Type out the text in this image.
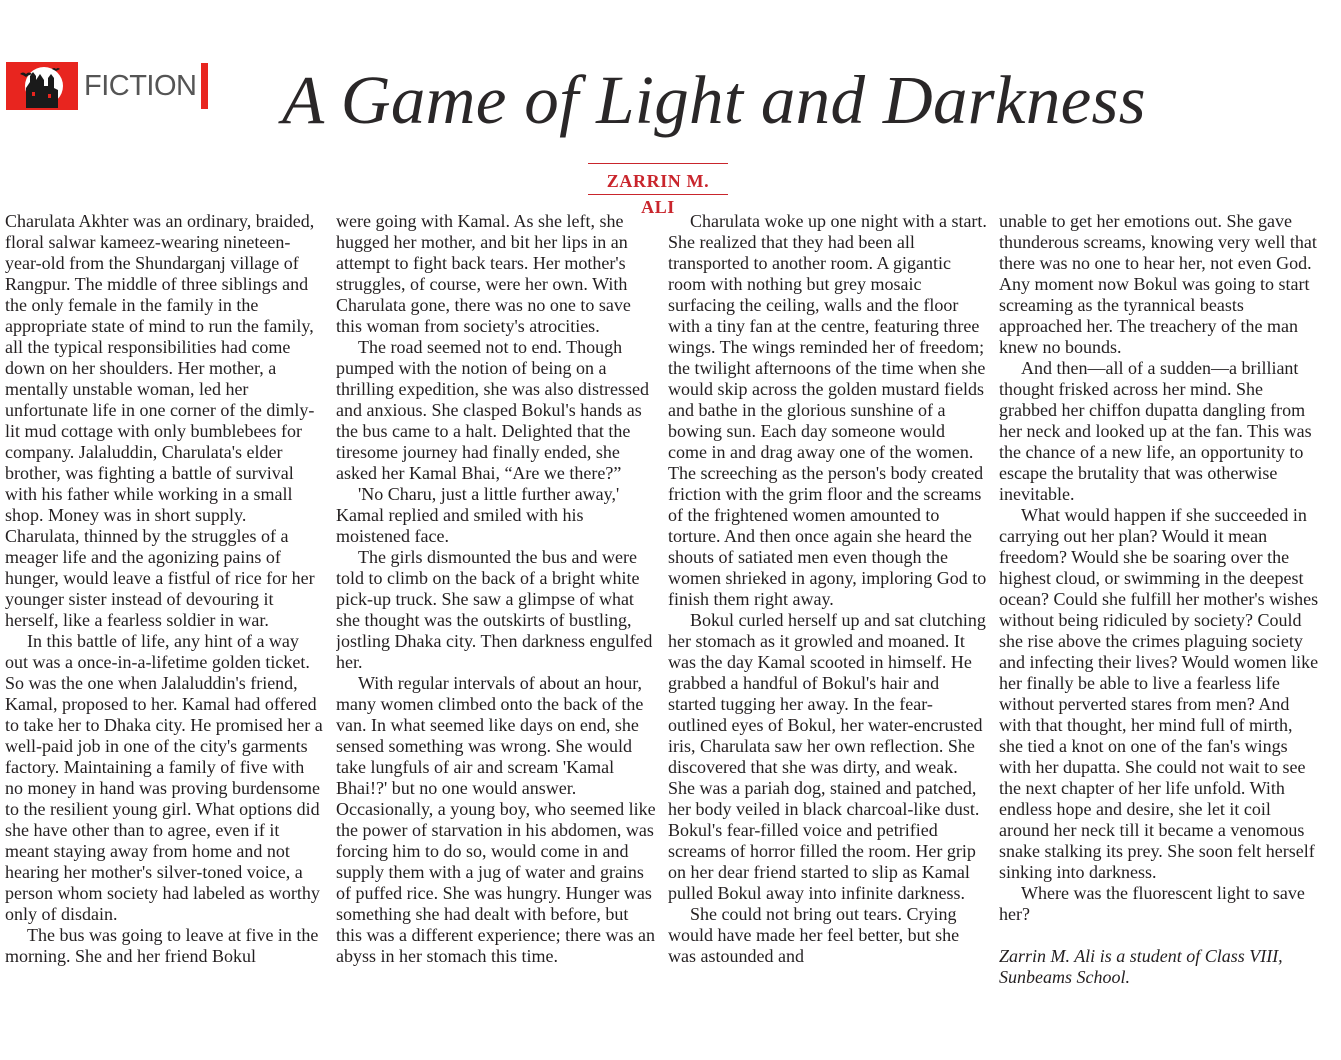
FICTION A Game of Light and Darkness
ZARRIN M. ALI

Charulata Akhter was an ordinary, braided, floral salwar kameez-wearing nineteen-year-old from the Shundarganj village of Rangpur. The middle of three siblings and the only female in the family in the appropriate state of mind to run the family, all the typical responsibilities had come down on her shoulders. Her mother, a mentally unstable woman, led her unfortunate life in one corner of the dimly-lit mud cottage with only bumblebees for company. Jalaluddin, Charulata's elder brother, was fighting a battle of survival with his father while working in a small shop. Money was in short supply. Charulata, thinned by the struggles of a meager life and the agonizing pains of hunger, would leave a fistful of rice for her younger sister instead of devouring it herself, like a fearless soldier in war.

In this battle of life, any hint of a way out was a once-in-a-lifetime golden ticket. So was the one when Jalaluddin's friend, Kamal, proposed to her. Kamal had offered to take her to Dhaka city. He promised her a well-paid job in one of the city's garments factory. Maintaining a family of five with no money in hand was proving burdensome to the resilient young girl. What options did she have other than to agree, even if it meant staying away from home and not hearing her mother's silver-toned voice, a person whom society had labeled as worthy only of disdain.

The bus was going to leave at five in the morning. She and her friend Bokul

were going with Kamal. As she left, she hugged her mother, and bit her lips in an attempt to fight back tears. Her mother's struggles, of course, were her own. With Charulata gone, there was no one to save this woman from society's atrocities.

The road seemed not to end. Though pumped with the notion of being on a thrilling expedition, she was also distressed and anxious. She clasped Bokul's hands as the bus came to a halt. Delighted that the tiresome journey had finally ended, she asked her Kamal Bhai, “Are we there?”

'No Charu, just a little further away,' Kamal replied and smiled with his moistened face.

The girls dismounted the bus and were told to climb on the back of a bright white pick-up truck. She saw a glimpse of what she thought was the outskirts of bustling, jostling Dhaka city. Then darkness engulfed her.

With regular intervals of about an hour, many women climbed onto the back of the van. In what seemed like days on end, she sensed something was wrong. She would take lungfuls of air and scream 'Kamal Bhai!?' but no one would answer. Occasionally, a young boy, who seemed like the power of starvation in his abdomen, was forcing him to do so, would come in and supply them with a jug of water and grains of puffed rice. She was hungry. Hunger was something she had dealt with before, but this was a different experience; there was an abyss in her stomach this time.

Charulata woke up one night with a start. She realized that they had been all transported to another room. A gigantic room with nothing but grey mosaic surfacing the ceiling, walls and the floor with a tiny fan at the centre, featuring three wings. The wings reminded her of freedom; the twilight afternoons of the time when she would skip across the golden mustard fields and bathe in the glorious sunshine of a bowing sun. Each day someone would come in and drag away one of the women. The screeching as the person's body created friction with the grim floor and the screams of the frightened women amounted to torture. And then once again she heard the shouts of satiated men even though the women shrieked in agony, imploring God to finish them right away.

Bokul curled herself up and sat clutching her stomach as it growled and moaned. It was the day Kamal scooted in himself. He grabbed a handful of Bokul's hair and started tugging her away. In the fear-outlined eyes of Bokul, her water-encrusted iris, Charulata saw her own reflection. She discovered that she was dirty, and weak. She was a pariah dog, stained and patched, her body veiled in black charcoal-like dust. Bokul's fear-filled voice and petrified screams of horror filled the room. Her grip on her dear friend started to slip as Kamal pulled Bokul away into infinite darkness.

She could not bring out tears. Crying would have made her feel better, but she was astounded and

unable to get her emotions out. She gave thunderous screams, knowing very well that there was no one to hear her, not even God. Any moment now Bokul was going to start screaming as the tyrannical beasts approached her. The treachery of the man knew no bounds.

And then—all of a sudden—a brilliant thought frisked across her mind. She grabbed her chiffon dupatta dangling from her neck and looked up at the fan. This was the chance of a new life, an opportunity to escape the brutality that was otherwise inevitable.

What would happen if she succeeded in carrying out her plan? Would it mean freedom? Would she be soaring over the highest cloud, or swimming in the deepest ocean? Could she fulfill her mother's wishes without being ridiculed by society? Could she rise above the crimes plaguing society and infecting their lives? Would women like her finally be able to live a fearless life without perverted stares from men? And with that thought, her mind full of mirth, she tied a knot on one of the fan's wings with her dupatta. She could not wait to see the next chapter of her life unfold. With endless hope and desire, she let it coil around her neck till it became a venomous snake stalking its prey. She soon felt herself sinking into darkness.

Where was the fluorescent light to save her?

Zarrin M. Ali is a student of Class VIII, Sunbeams School.
